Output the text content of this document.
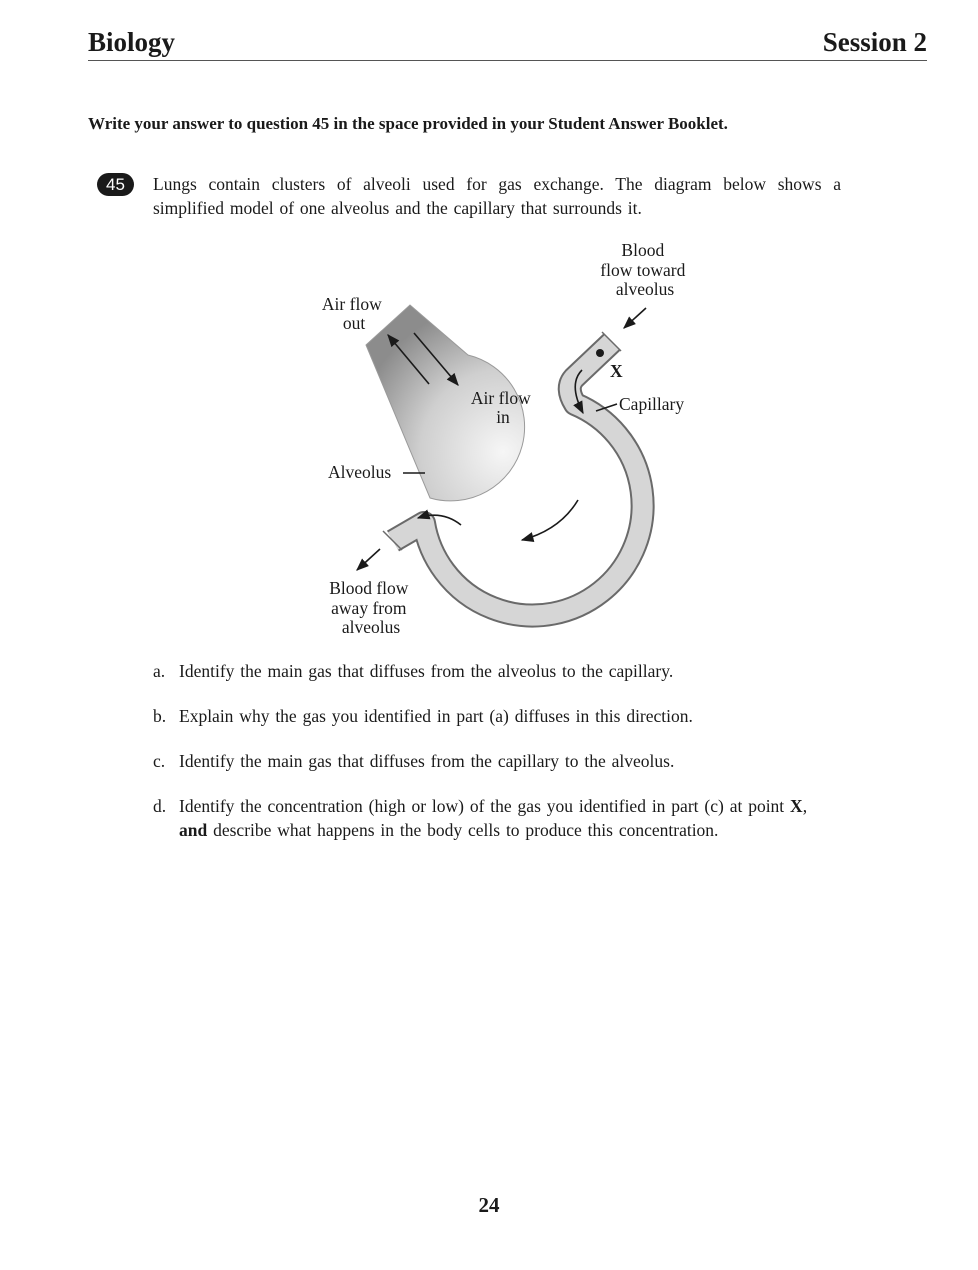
Biology	Session 2
Write your answer to question 45 in the space provided in your Student Answer Booklet.
45	Lungs contain clusters of alveoli used for gas exchange. The diagram below shows a simplified model of one alveolus and the capillary that surrounds it.
Blood flow toward alveolus
Air flow out
Air flow in
X
Capillary
Alveolus
Blood flow away from alveolus
a. Identify the main gas that diffuses from the alveolus to the capillary.
b. Explain why the gas you identified in part (a) diffuses in this direction.
c. Identify the main gas that diffuses from the capillary to the alveolus.
d. Identify the concentration (high or low) of the gas you identified in part (c) at point X,
and describe what happens in the body cells to produce this concentration.
24
